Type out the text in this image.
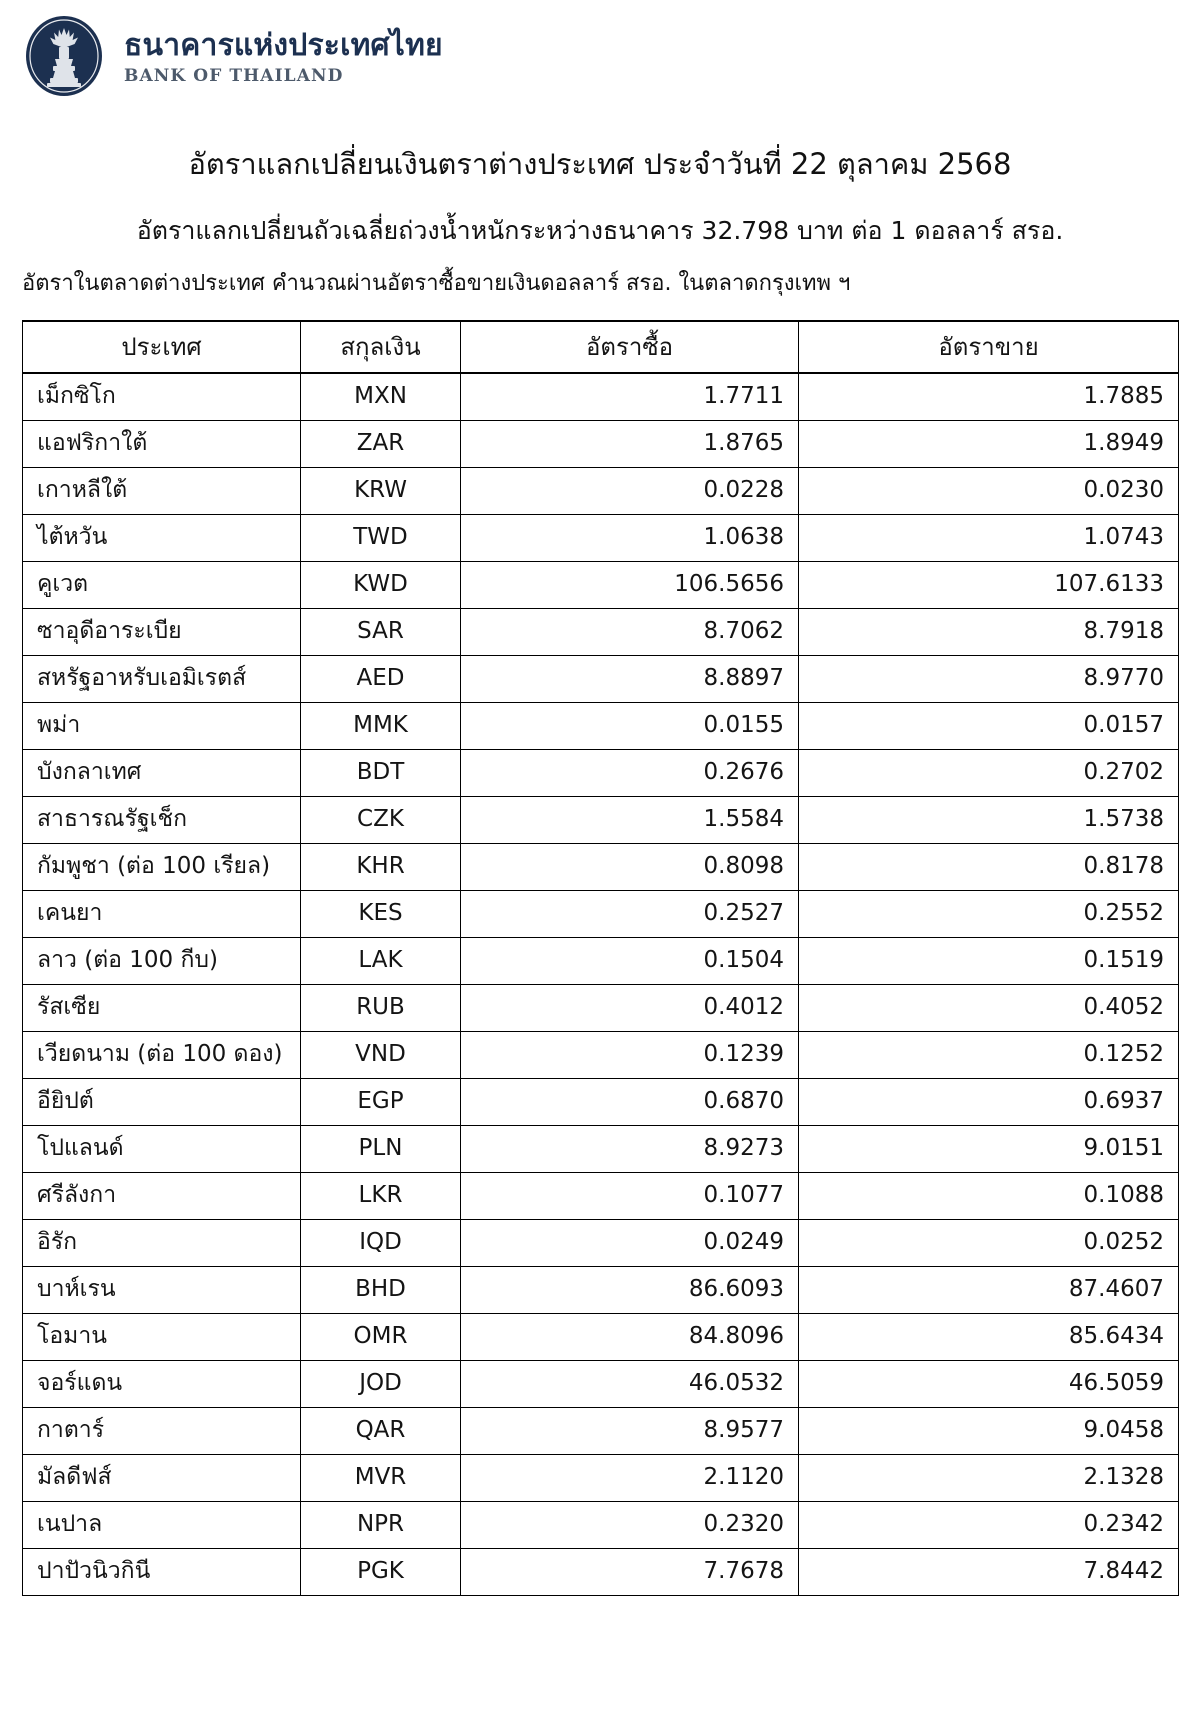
ธนาคารแห่งประเทศไทย
BANK OF THAILAND
อัตราแลกเปลี่ยนเงินตราต่างประเทศ ประจำวันที่ 22 ตุลาคม 2568
อัตราแลกเปลี่ยนถัวเฉลี่ยถ่วงน้ำหนักระหว่างธนาคาร 32.798 บาท ต่อ 1 ดอลลาร์ สรอ.
อัตราในตลาดต่างประเทศ คำนวณผ่านอัตราซื้อขายเงินดอลลาร์ สรอ. ในตลาดกรุงเทพ ฯ
ประเทศ	สกุลเงิน	อัตราซื้อ	อัตราขาย
เม็กซิโก	MXN	1.7711	1.7885
แอฟริกาใต้	ZAR	1.8765	1.8949
เกาหลีใต้	KRW	0.0228	0.0230
ไต้หวัน	TWD	1.0638	1.0743
คูเวต	KWD	106.5656	107.6133
ซาอุดีอาระเบีย	SAR	8.7062	8.7918
สหรัฐอาหรับเอมิเรตส์	AED	8.8897	8.9770
พม่า	MMK	0.0155	0.0157
บังกลาเทศ	BDT	0.2676	0.2702
สาธารณรัฐเช็ก	CZK	1.5584	1.5738
กัมพูชา (ต่อ 100 เรียล)	KHR	0.8098	0.8178
เคนยา	KES	0.2527	0.2552
ลาว (ต่อ 100 กีบ)	LAK	0.1504	0.1519
รัสเซีย	RUB	0.4012	0.4052
เวียดนาม (ต่อ 100 ดอง)	VND	0.1239	0.1252
อียิปต์	EGP	0.6870	0.6937
โปแลนด์	PLN	8.9273	9.0151
ศรีลังกา	LKR	0.1077	0.1088
อิรัก	IQD	0.0249	0.0252
บาห์เรน	BHD	86.6093	87.4607
โอมาน	OMR	84.8096	85.6434
จอร์แดน	JOD	46.0532	46.5059
กาตาร์	QAR	8.9577	9.0458
มัลดีฟส์	MVR	2.1120	2.1328
เนปาล	NPR	0.2320	0.2342
ปาปัวนิวกินี	PGK	7.7678	7.8442
